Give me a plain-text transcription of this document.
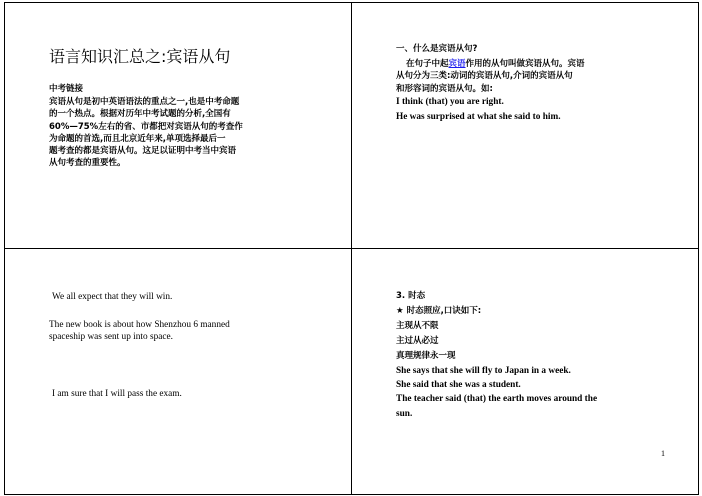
语言知识汇总之:宾语从句
中考链接
宾语从句是初中英语语法的重点之一,也是中考命题
的一个热点。根据对历年中考试题的分析,全国有
60%—75%左右的省、市都把对宾语从句的考查作
为命题的首选,而且北京近年来,单项选择最后一
题考查的都是宾语从句。这足以证明中考当中宾语
从句考查的重要性。
一、什么是宾语从句?
在句子中起宾语作用的从句叫做宾语从句。宾语
从句分为三类:动词的宾语从句,介词的宾语从句
和形容词的宾语从句。如:
I think (that) you are right.
He was surprised at what she said to him.
We all expect that they will win.
The new book is about how Shenzhou 6 manned
spaceship was sent up into space.
I am sure that I will pass the exam.
3. 时态
★ 时态照应,口诀如下:
主现从不限
主过从必过
真理规律永一现
She says that she will fly to Japan in a week.
She said that she was a student.
The teacher said (that) the earth moves around the
sun.
1
